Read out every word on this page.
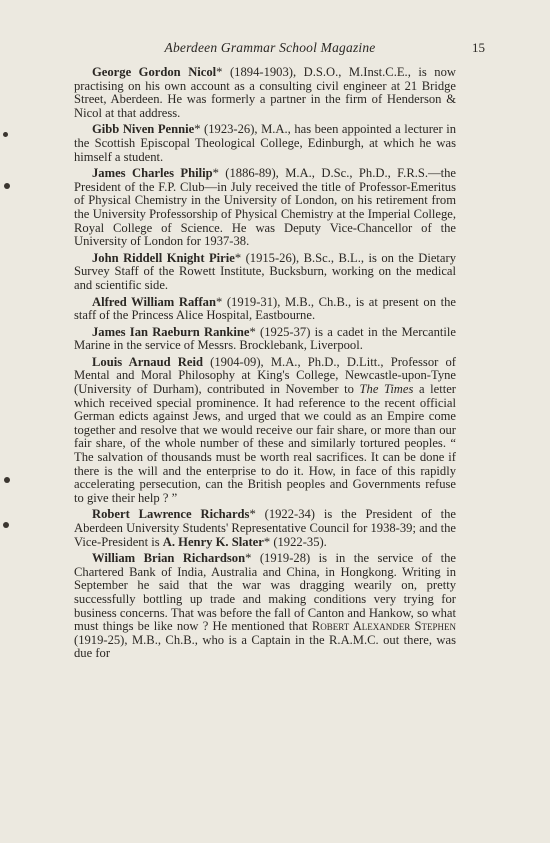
Aberdeen Grammar School Magazine	15

George Gordon Nicol* (1894-1903), D.S.O., M.Inst.C.E., is now practising on his own account as a consulting civil engineer at 21 Bridge Street, Aberdeen. He was formerly a partner in the firm of Henderson & Nicol at that address.

Gibb Niven Pennie* (1923-26), M.A., has been appointed a lecturer in the Scottish Episcopal Theological College, Edinburgh, at which he was himself a student.

James Charles Philip* (1886-89), M.A., D.Sc., Ph.D., F.R.S.—the President of the F.P. Club—in July received the title of Professor-Emeritus of Physical Chemistry in the University of London, on his retirement from the University Professorship of Physical Chemistry at the Imperial College, Royal College of Science. He was Deputy Vice-Chancellor of the University of London for 1937-38.

John Riddell Knight Pirie* (1915-26), B.Sc., B.L., is on the Dietary Survey Staff of the Rowett Institute, Bucksburn, working on the medical and scientific side.

Alfred William Raffan* (1919-31), M.B., Ch.B., is at present on the staff of the Princess Alice Hospital, Eastbourne.

James Ian Raeburn Rankine* (1925-37) is a cadet in the Mercantile Marine in the service of Messrs. Brocklebank, Liverpool.

Louis Arnaud Reid (1904-09), M.A., Ph.D., D.Litt., Professor of Mental and Moral Philosophy at King's College, Newcastle-upon-Tyne (University of Durham), contributed in November to The Times a letter which received special prominence. It had reference to the recent official German edicts against Jews, and urged that we could as an Empire come together and resolve that we would receive our fair share, or more than our fair share, of the whole number of these and similarly tortured peoples. “ The salvation of thousands must be worth real sacrifices. It can be done if there is the will and the enterprise to do it. How, in face of this rapidly accelerating persecution, can the British peoples and Governments refuse to give their help ? ”

Robert Lawrence Richards* (1922-34) is the President of the Aberdeen University Students' Representative Council for 1938-39; and the Vice-President is A. Henry K. Slater* (1922-35).

William Brian Richardson* (1919-28) is in the service of the Chartered Bank of India, Australia and China, in Hongkong. Writing in September he said that the war was dragging wearily on, pretty successfully bottling up trade and making conditions very trying for business concerns. That was before the fall of Canton and Hankow, so what must things be like now ? He mentioned that Robert Alexander Stephen (1919-25), M.B., Ch.B., who is a Captain in the R.A.M.C. out there, was due for
